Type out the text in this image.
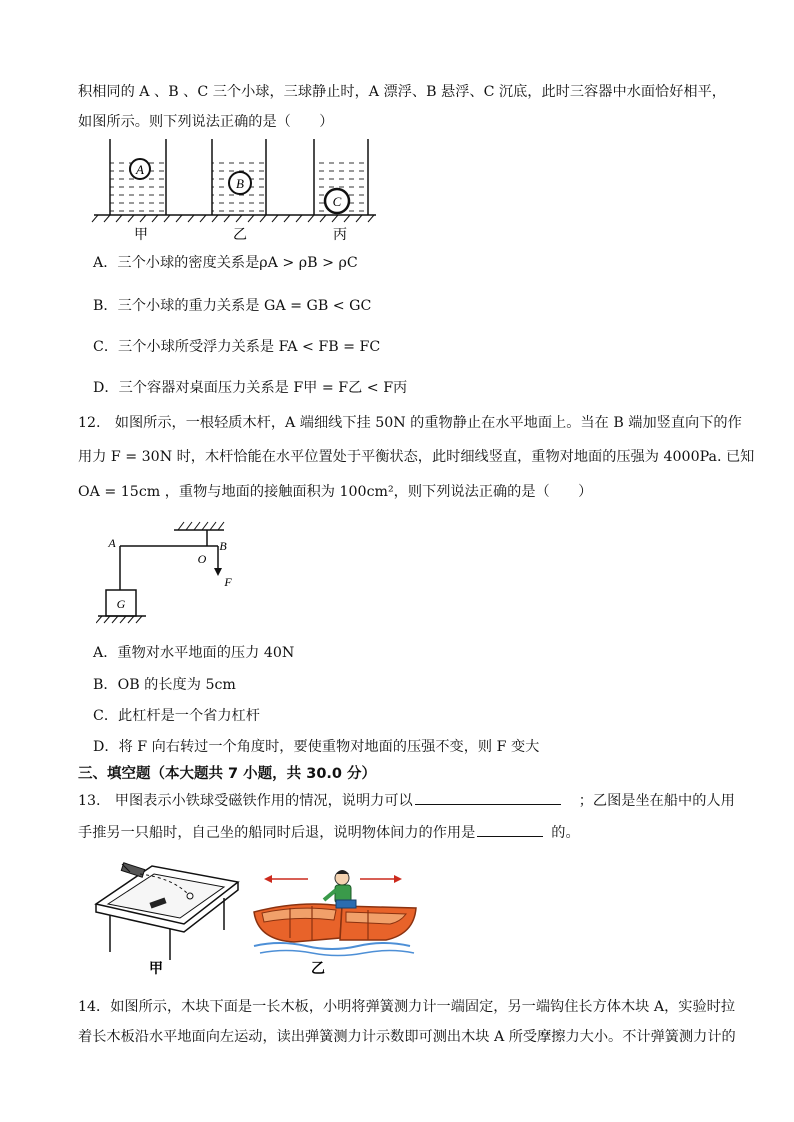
积相同的 A 、B 、C 三个小球，三球静止时，A 漂浮、B 悬浮、C 沉底，此时三容器中水面恰好相平，
如图所示。则下列说法正确的是（　　）
A
B
C
甲	乙	丙
A．三个小球的密度关系是ρA > ρB > ρC
B．三个小球的重力关系是 GA = GB < GC
C．三个小球所受浮力关系是 FA < FB = FC
D．三个容器对桌面压力关系是 F甲 = F乙 < F丙
12.　如图所示，一根轻质木杆，A 端细线下挂 50N 的重物静止在水平地面上。当在 B 端加竖直向下的作
用力 F = 30N 时，木杆恰能在水平位置处于平衡状态，此时细线竖直，重物对地面的压强为 4000Pa. 已知
OA = 15cm ，重物与地面的接触面积为 100cm²，则下列说法正确的是（　　）
G
A
O
B
F
A．重物对水平地面的压力 40N
B．OB 的长度为 5cm
C．此杠杆是一个省力杠杆
D．将 F 向右转过一个角度时，要使重物对地面的压强不变，则 F 变大
三、填空题（本大题共 7 小题，共 30.0 分）
13.　甲图表示小铁球受磁铁作用的情况，说明力可以	；乙图是坐在船中的人用
手推另一只船时，自己坐的船同时后退，说明物体间力的作用是	的。
甲	乙
14．如图所示，木块下面是一长木板，小明将弹簧测力计一端固定，另一端钩住长方体木块 A，实验时拉
着长木板沿水平地面向左运动，读出弹簧测力计示数即可测出木块 A 所受摩擦力大小。不计弹簧测力计的
